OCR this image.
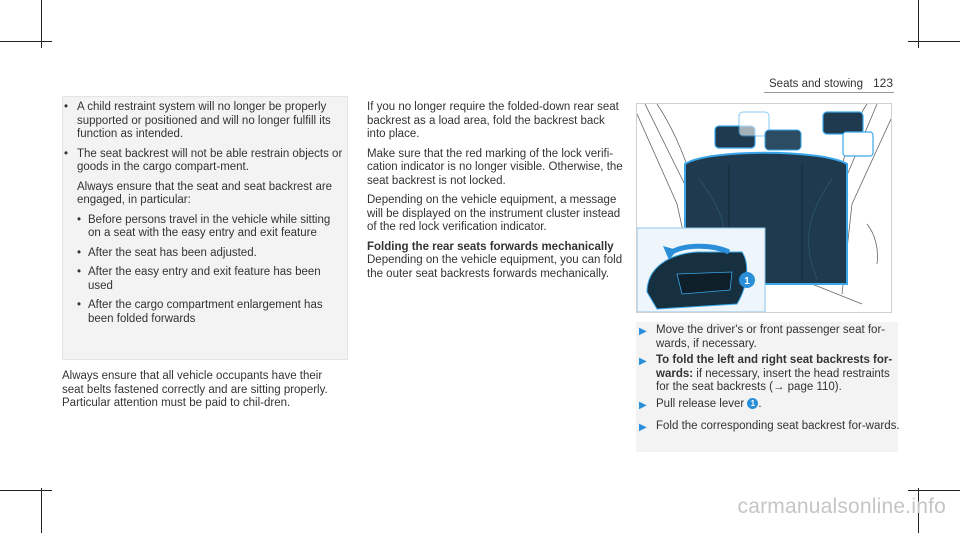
Seats and stowing 123
• A child restraint system will no longer be properly supported or positioned and will no longer fulfill its function as intended.
• The seat backrest will not be able restrain objects or goods in the cargo compart-ment.

Always ensure that the seat and seat backrest are engaged, in particular:

• Before persons travel in the vehicle while sitting on a seat with the easy entry and exit feature
• After the seat has been adjusted.
• After the easy entry and exit feature has been used
• After the cargo compartment enlargement has been folded forwards
Always ensure that all vehicle occupants have their seat belts fastened correctly and are sitting properly. Particular attention must be paid to chil-dren.

If you no longer require the folded-down rear seat backrest as a load area, fold the backrest back into place.

Make sure that the red marking of the lock verifi-cation indicator is no longer visible. Otherwise, the seat backrest is not locked.

Depending on the vehicle equipment, a message will be displayed on the instrument cluster instead of the red lock verification indicator.

Folding the rear seats forwards mechanically

Depending on the vehicle equipment, you can fold the outer seat backrests forwards mechanically.

1
▶ Move the driver's or front passenger seat for-wards, if necessary.
▶ To fold the left and right seat backrests for-wards: if necessary, insert the head restraints for the seat backrests (→ page 110).
▶ Pull release lever 1 .
▶ Fold the corresponding seat backrest for-wards.
carmanualsonline.info
